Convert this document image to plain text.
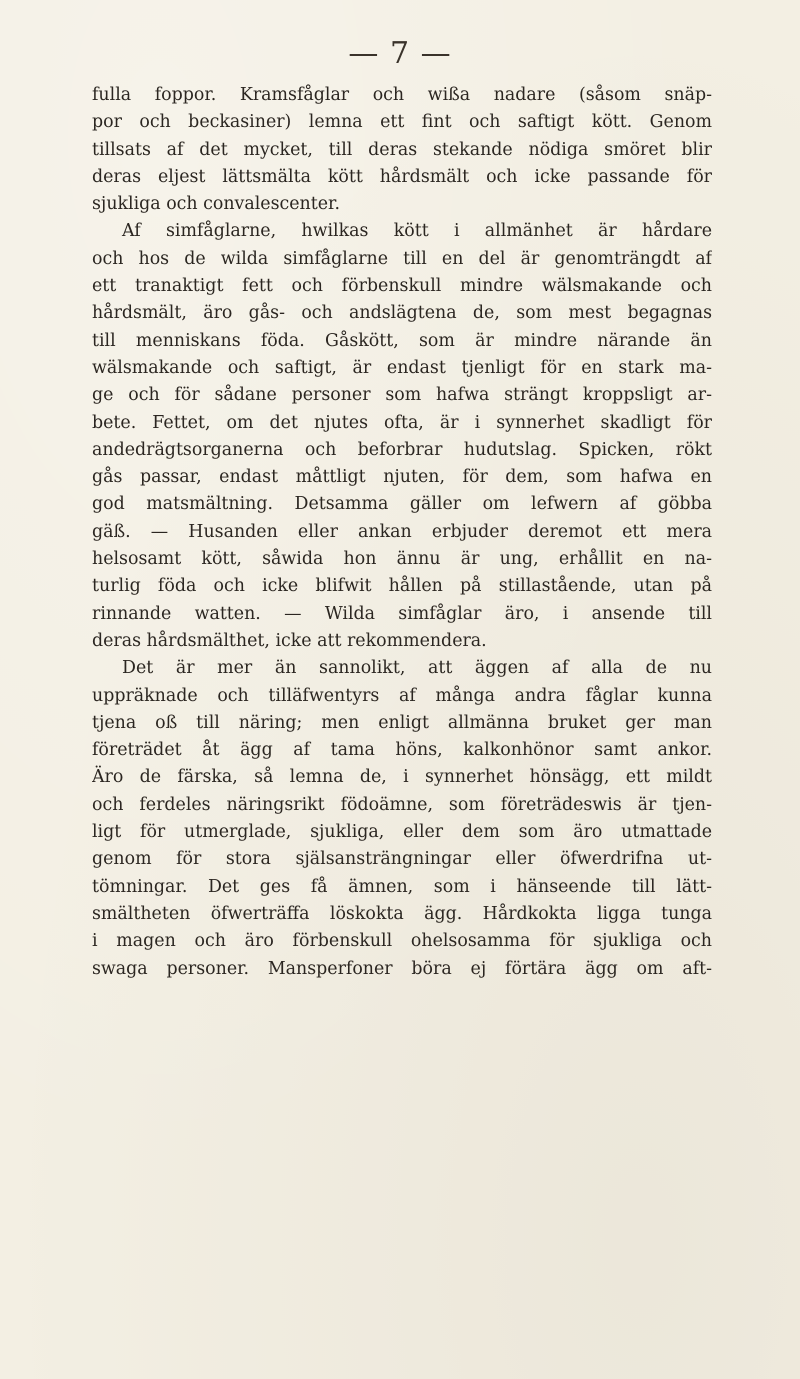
— 7 —
fulla foppor. Kramsfåglar och wißa nadare (såsom snäp-
por och beckasiner) lemna ett fint och saftigt kött. Genom
tillsats af det mycket, till deras stekande nödiga smöret blir
deras eljest lättsmälta kött hårdsmält och icke passande för
sjukliga och convalescenter.
Af simfåglarne, hwilkas kött i allmänhet är hårdare
och hos de wilda simfåglarne till en del är genomträngdt af
ett tranaktigt fett och förbenskull mindre wälsmakande och
hårdsmält, äro gås- och andslägtena de, som mest begagnas
till menniskans föda. Gåskött, som är mindre närande än
wälsmakande och saftigt, är endast tjenligt för en stark ma-
ge och för sådane personer som hafwa strängt kroppsligt ar-
bete. Fettet, om det njutes ofta, är i synnerhet skadligt för
andedrägtsorganerna och beforbrar hudutslag. Spicken, rökt
gås passar, endast måttligt njuten, för dem, som hafwa en
god matsmältning. Detsamma gäller om lefwern af göbba
gäß. — Husanden eller ankan erbjuder deremot ett mera
helsosamt kött, såwida hon ännu är ung, erhållit en na-
turlig föda och icke blifwit hållen på stillastående, utan på
rinnande watten. — Wilda simfåglar äro, i ansende till
deras hårdsmälthet, icke att rekommendera.
Det är mer än sannolikt, att äggen af alla de nu
uppräknade och tilläfwentyrs af många andra fåglar kunna
tjena oß till näring; men enligt allmänna bruket ger man
företrädet åt ägg af tama höns, kalkonhönor samt ankor.
Äro de färska, så lemna de, i synnerhet hönsägg, ett mildt
och ferdeles näringsrikt födoämne, som företrädeswis är tjen-
ligt för utmerglade, sjukliga, eller dem som äro utmattade
genom för stora själsansträngningar eller öfwerdrifna ut-
tömningar. Det ges få ämnen, som i hänseende till lätt-
smältheten öfwerträffa löskokta ägg. Hårdkokta ligga tunga
i magen och äro förbenskull ohelsosamma för sjukliga och
swaga personer. Mansperfoner böra ej förtära ägg om aft-
